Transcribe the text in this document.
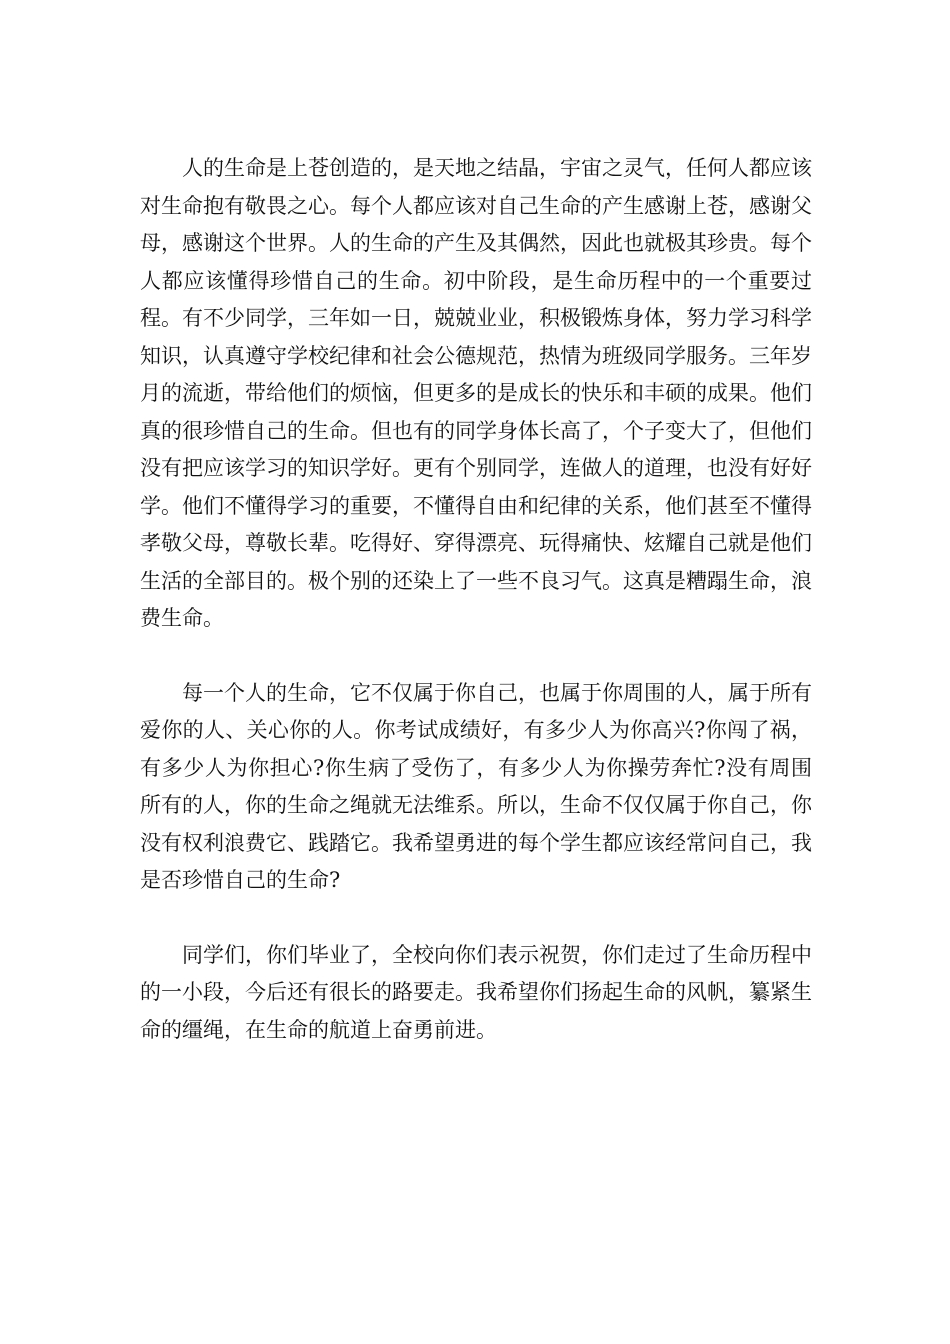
人的生命是上苍创造的，是天地之结晶，宇宙之灵气，任何人都应该对生命抱有敬畏之心。每个人都应该对自己生命的产生感谢上苍，感谢父母，感谢这个世界。人的生命的产生及其偶然，因此也就极其珍贵。每个人都应该懂得珍惜自己的生命。初中阶段，是生命历程中的一个重要过程。有不少同学，三年如一日，兢兢业业，积极锻炼身体，努力学习科学知识，认真遵守学校纪律和社会公德规范，热情为班级同学服务。三年岁月的流逝，带给他们的烦恼，但更多的是成长的快乐和丰硕的成果。他们真的很珍惜自己的生命。但也有的同学身体长高了，个子变大了，但他们没有把应该学习的知识学好。更有个别同学，连做人的道理，也没有好好学。他们不懂得学习的重要，不懂得自由和纪律的关系，他们甚至不懂得孝敬父母，尊敬长辈。吃得好、穿得漂亮、玩得痛快、炫耀自己就是他们生活的全部目的。极个别的还染上了一些不良习气。这真是糟蹋生命，浪费生命。

每一个人的生命，它不仅属于你自己，也属于你周围的人，属于所有爱你的人、关心你的人。你考试成绩好，有多少人为你高兴?你闯了祸，有多少人为你担心?你生病了受伤了，有多少人为你操劳奔忙?没有周围所有的人，你的生命之绳就无法维系。所以，生命不仅仅属于你自己，你没有权利浪费它、践踏它。我希望勇进的每个学生都应该经常问自己，我是否珍惜自己的生命?

同学们，你们毕业了，全校向你们表示祝贺，你们走过了生命历程中的一小段，今后还有很长的路要走。我希望你们扬起生命的风帆，纂紧生命的缰绳，在生命的航道上奋勇前进。
